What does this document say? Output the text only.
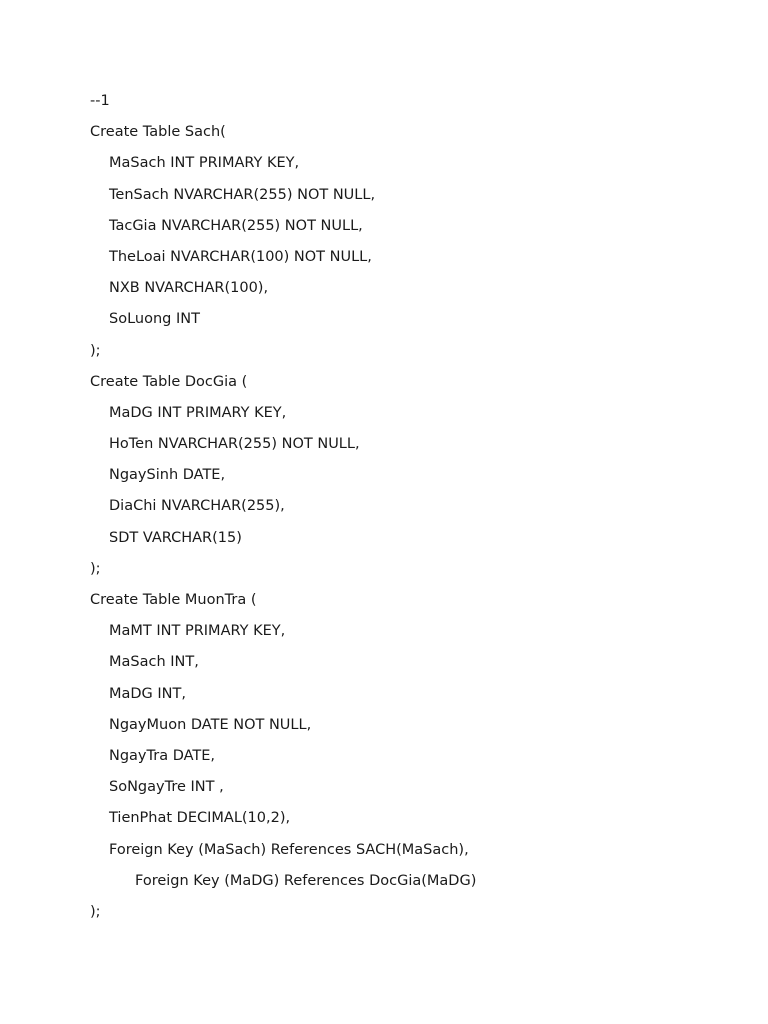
--1
Create Table Sach(
MaSach INT PRIMARY KEY,
TenSach NVARCHAR(255) NOT NULL,
TacGia NVARCHAR(255) NOT NULL,
TheLoai NVARCHAR(100) NOT NULL,
NXB NVARCHAR(100),
SoLuong INT
);
Create Table DocGia (
MaDG INT PRIMARY KEY,
HoTen NVARCHAR(255) NOT NULL,
NgaySinh DATE,
DiaChi NVARCHAR(255),
SDT VARCHAR(15)
);
Create Table MuonTra (
MaMT INT PRIMARY KEY,
MaSach INT,
MaDG INT,
NgayMuon DATE NOT NULL,
NgayTra DATE,
SoNgayTre INT ,
TienPhat DECIMAL(10,2),
Foreign Key (MaSach) References SACH(MaSach),
Foreign Key (MaDG) References DocGia(MaDG)
);
